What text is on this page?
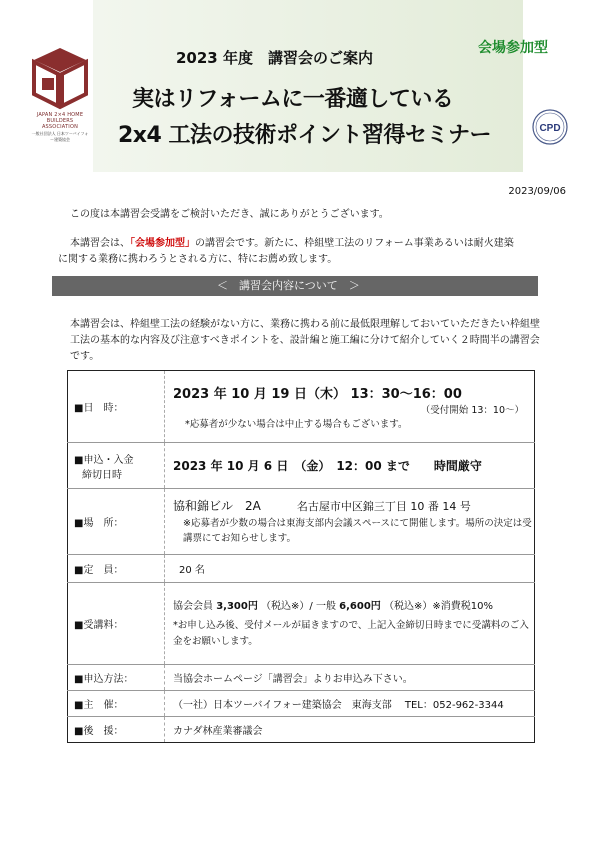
JAPAN 2×4 HOME
BUILDERS
ASSOCIATION
一般社団法人 日本ツーバイフォー建築協会
会場参加型
2023 年度　講習会のご案内
実はリフォームに一番適している
2x4 工法の技術ポイント習得セミナー	CPD
2023/09/06
この度は本講習会受講をご検討いただき、誠にありがとうございます。
本講習会は、「会場参加型」の講習会です。新たに、枠組壁工法のリフォーム事業あるいは耐火建築
に関する業務に携わろうとされる方に、特にお薦め致します。
＜　講習会内容について　＞
本講習会は、枠組壁工法の経験がない方に、業務に携わる前に最低限理解しておいていただきたい枠組壁工法の基本的な内容及び注意すべきポイントを、設計編と施工編に分けて紹介していく２時間半の講習会です。
■日　時：	2023 年 10 月 19 日（木） 13：30〜16：00
（受付開始 13：10〜）
*応募者が少ない場合は中止する場合もございます。

■申込・入金
締切日時	2023 年 10 月 6 日　（金）　12：00 まで　　時間厳守
■場　所：	協和錦ビル　2A 名古屋市中区錦三丁目 10 番 14 号
※応募者が少数の場合は東海支部内会議スペースにて開催します。場所の決定は受講票にてお知らせします。

■定　員：	20 名
■受講料：	協会会員 3,300円 （税込※）/ 一般 6,600円 （税込※）※消費税10%
*お申し込み後、受付メールが届きますので、上記入金締切日時までに受講料のご入金をお願いします。

■申込方法：	当協会ホームページ「講習会」よりお申込み下さい。
■主　催：	（一社）日本ツーバイフォー建築協会　東海支部　 TEL：052-962-3344
■後　援：	カナダ林産業審議会
